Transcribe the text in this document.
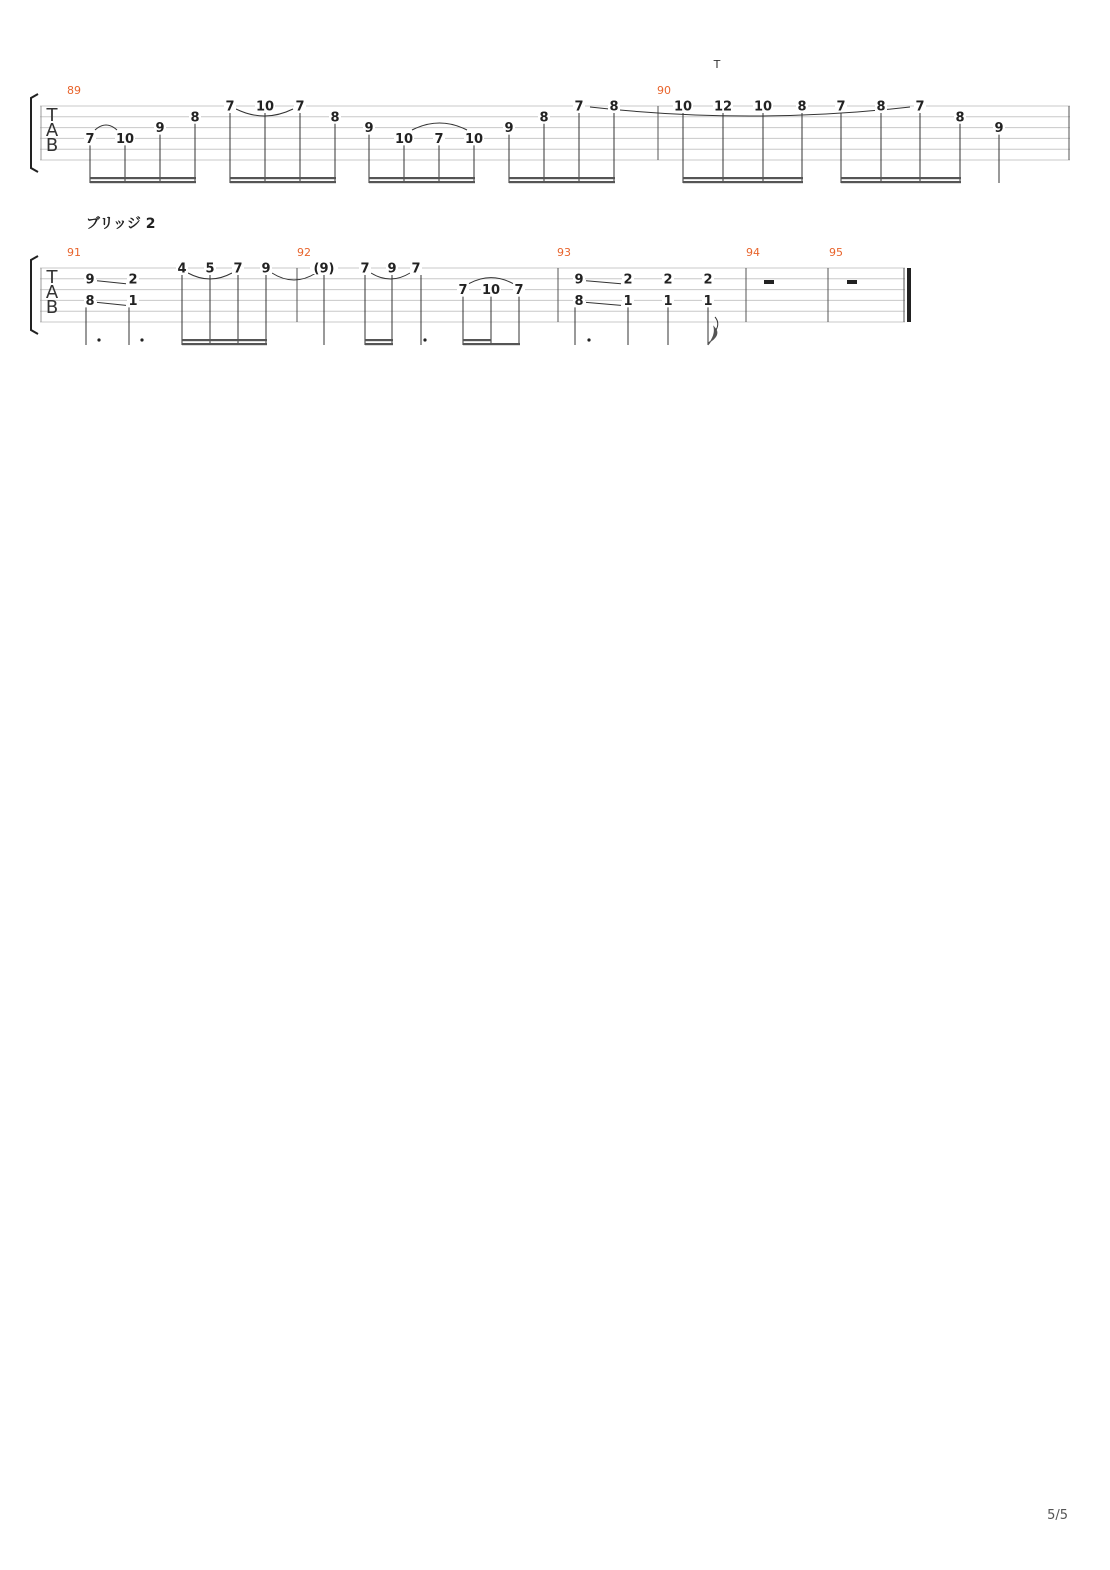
T
A
B
89	90
T
7 10
9
8
7 10 7
8
9
10 7 10
9
8
7 8	10 12 10 8 7 8 7
8
9
T
A
B
ブリッジ 2
91	92	93	94	95
9
8
2
1
4 5 7 9	(9) 7 9 7
7 10 7
9
8
2
1
2
1
2
1
5/5
